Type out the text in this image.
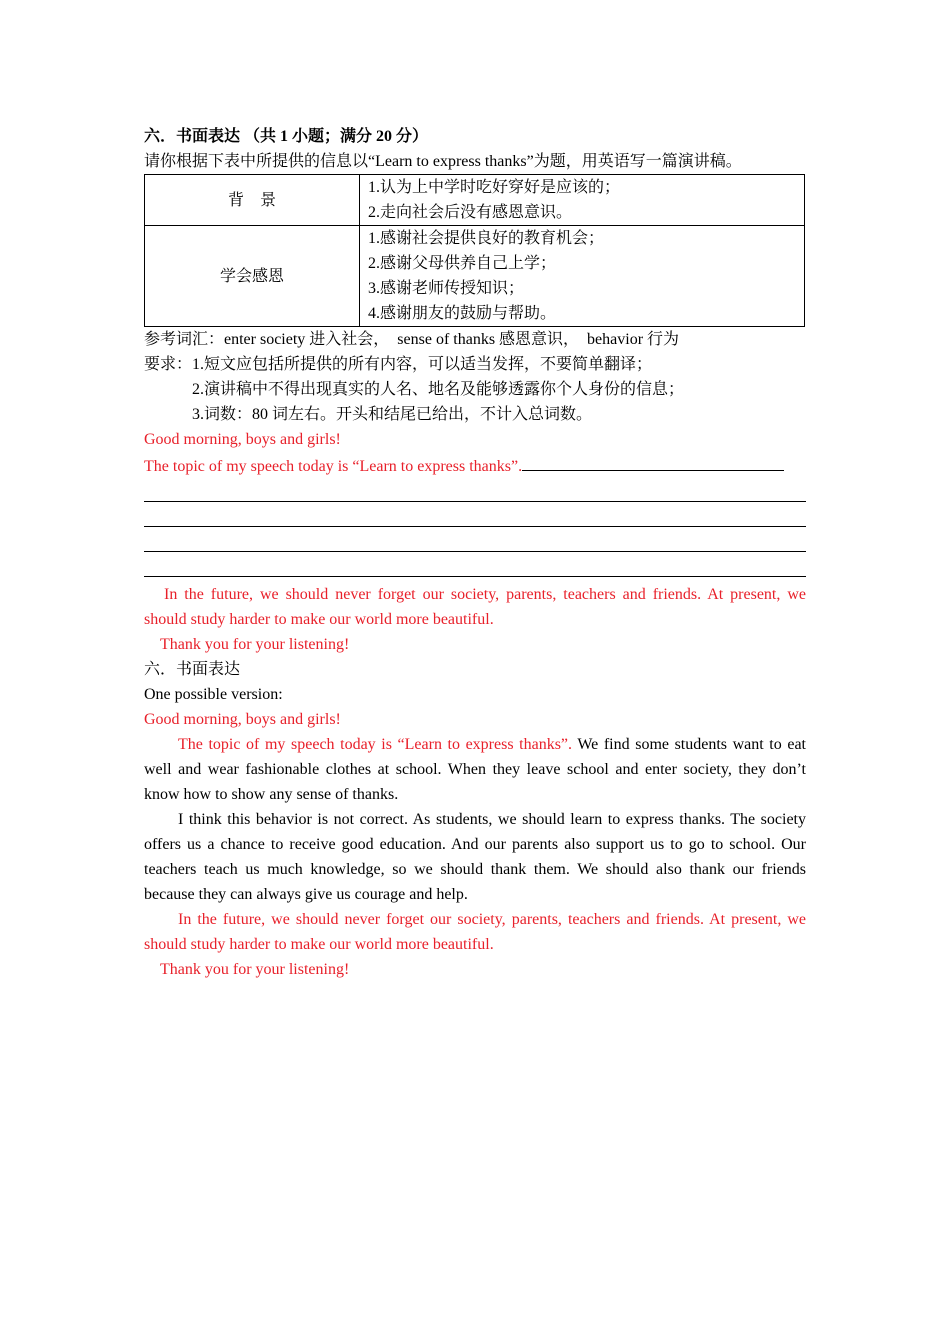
六．书面表达 （共 1 小题；满分 20 分）
请你根据下表中所提供的信息以“Learn to express thanks”为题，用英语写一篇演讲稿。
背　景	1.认为上中学时吃好穿好是应该的；
2.走向社会后没有感恩意识。

学会感恩	1.感谢社会提供良好的教育机会；
2.感谢父母供养自己上学；
3.感谢老师传授知识；
4.感谢朋友的鼓励与帮助。
参考词汇：enter society 进入社会，　sense of thanks 感恩意识，　behavior 行为
要求：1.短文应包括所提供的所有内容，可以适当发挥，不要简单翻译；
2.演讲稿中不得出现真实的人名、地名及能够透露你个人身份的信息；
3.词数：80 词左右。开头和结尾已给出，不计入总词数。
Good morning, boys and girls!
The topic of my speech today is “Learn to express thanks”.
In the future, we should never forget our society, parents, teachers and friends. At present, we
should study harder to make our world more beautiful.
Thank you for your listening!
六．书面表达
One possible version:
Good morning, boys and girls!
The topic of my speech today is “Learn to express thanks”. We find some students want to eat well and wear fashionable clothes at school. When they leave school and enter society, they don’t know how to show any sense of thanks.
I think this behavior is not correct. As students, we should learn to express thanks. The society offers us a chance to receive good education. And our parents also support us to go to school. Our teachers teach us much knowledge, so we should thank them. We should also thank our friends because they can always give us courage and help.
In the future, we should never forget our society, parents, teachers and friends. At present, we
should study harder to make our world more beautiful.
Thank you for your listening!
